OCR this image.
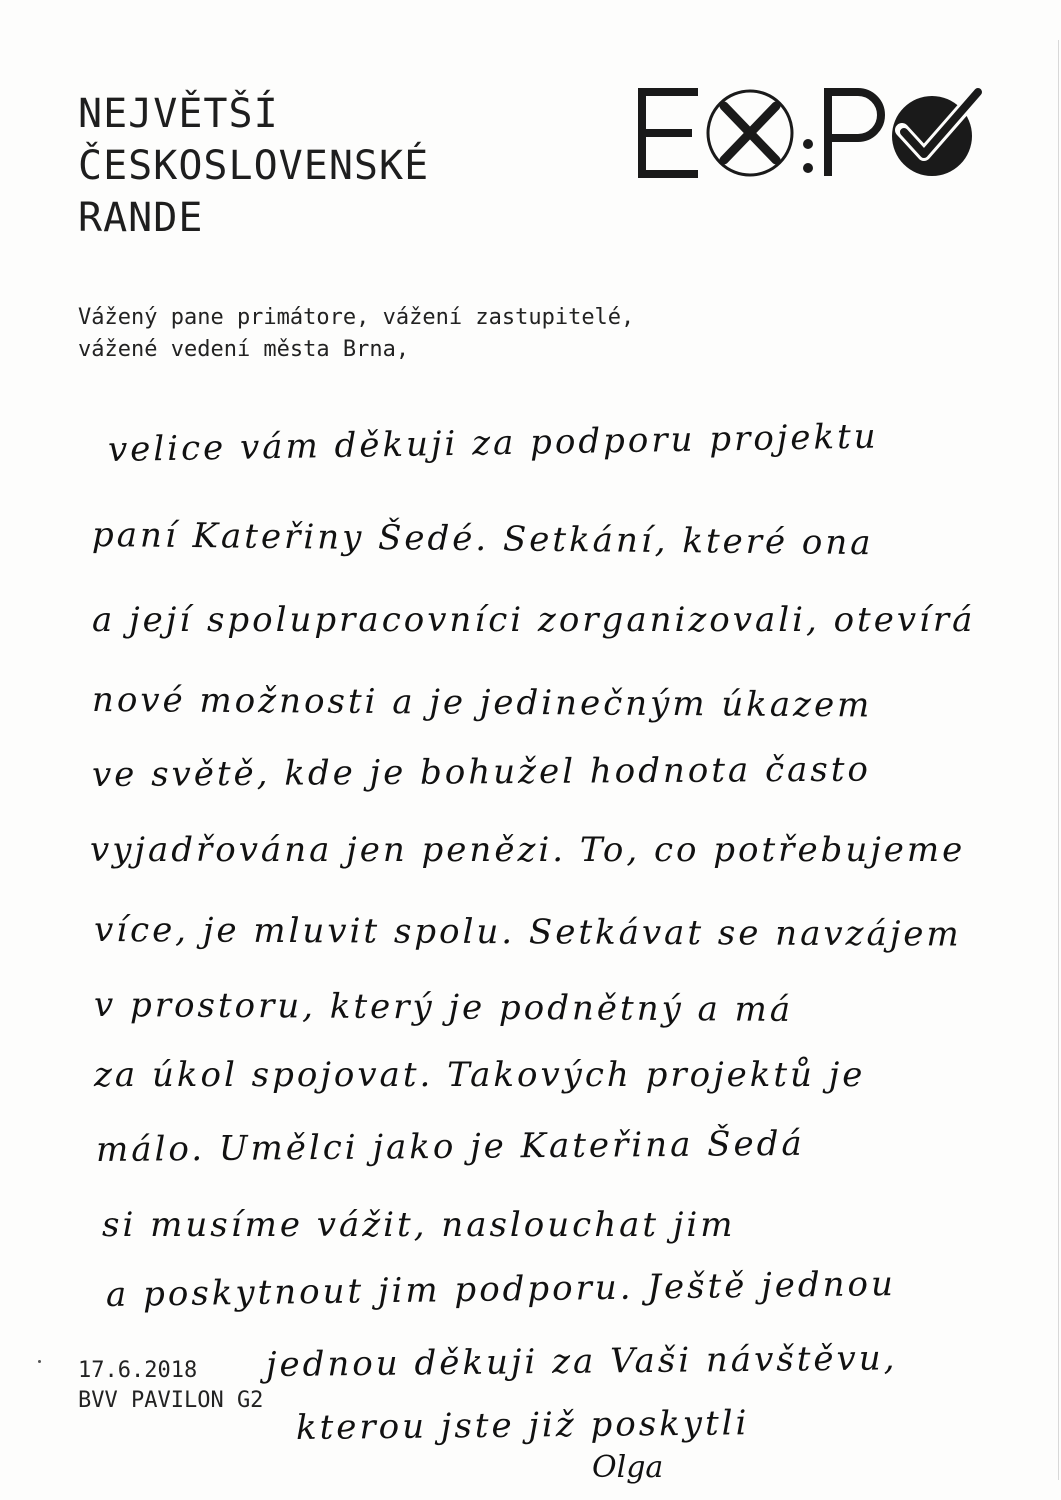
NEJVĚTŠÍ
ČESKOSLOVENSKÉ
RANDE
Vážený pane primátore, vážení zastupitelé,
vážené vedení města Brna,
velice vám děkuji za podporu projektu
paní Kateřiny Šedé. Setkání, které ona
a její spolupracovníci zorganizovali, otevírá
nové možnosti a je jedinečným úkazem
ve světě, kde je bohužel hodnota často
vyjadřována jen penězi. To, co potřebujeme
více, je mluvit spolu. Setkávat se navzájem
v prostoru, který je podnětný a má
za úkol spojovat. Takových projektů je
málo. Umělci jako je Kateřina Šedá
si musíme vážit, naslouchat jim
a poskytnout jim podporu. Ještě jednou
jednou děkuji za Vaši návštěvu,
kterou jste již poskytli
Olga
17.6.2018
BVV PAVILON G2
